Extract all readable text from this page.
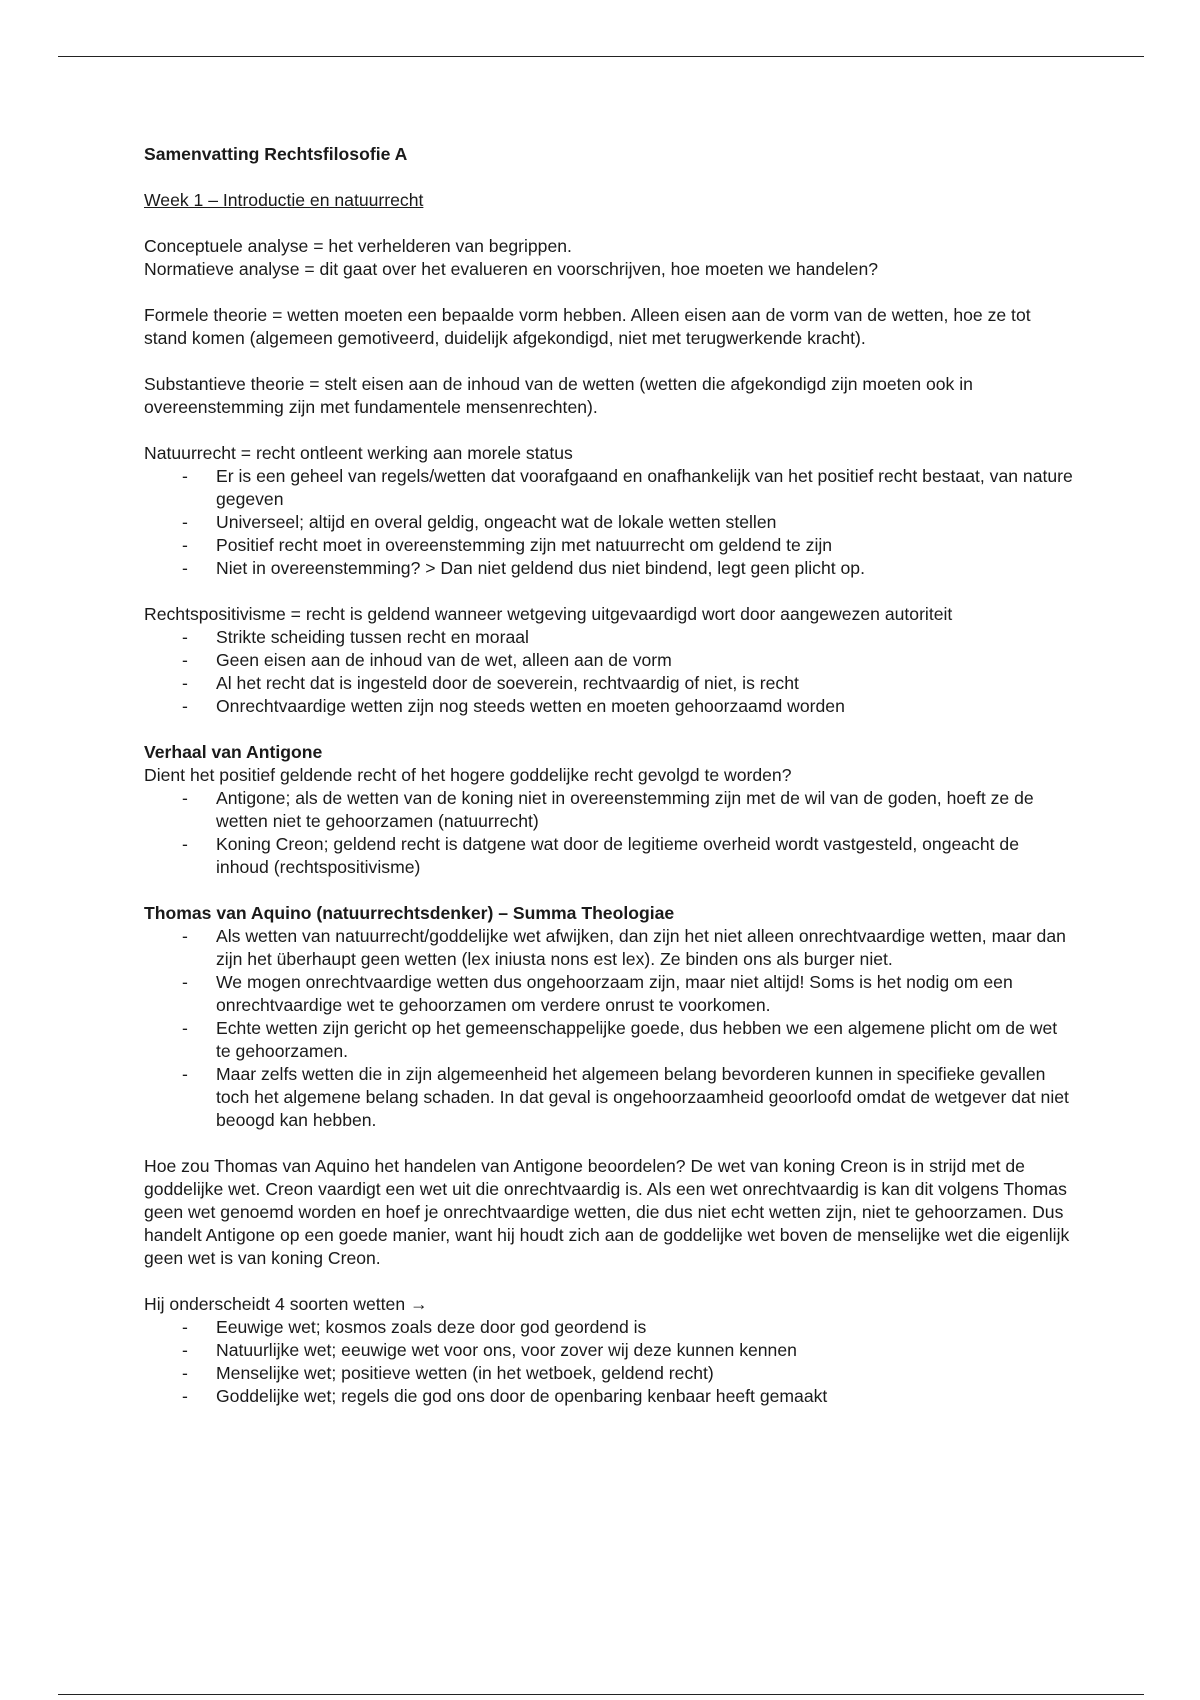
Samenvatting Rechtsfilosofie A

Week 1 – Introductie en natuurrecht

Conceptuele analyse = het verhelderen van begrippen.

Normatieve analyse = dit gaat over het evalueren en voorschrijven, hoe moeten we handelen?

Formele theorie = wetten moeten een bepaalde vorm hebben. Alleen eisen aan de vorm van de wetten, hoe ze tot stand komen (algemeen gemotiveerd, duidelijk afgekondigd, niet met terugwerkende kracht).

Substantieve theorie = stelt eisen aan de inhoud van de wetten (wetten die afgekondigd zijn moeten ook in overeenstemming zijn met fundamentele mensenrechten).

Natuurrecht = recht ontleent werking aan morele status

- Er is een geheel van regels/wetten dat voorafgaand en onafhankelijk van het positief recht bestaat, van nature gegeven
- Universeel; altijd en overal geldig, ongeacht wat de lokale wetten stellen
- Positief recht moet in overeenstemming zijn met natuurrecht om geldend te zijn
- Niet in overeenstemming? > Dan niet geldend dus niet bindend, legt geen plicht op.

Rechtspositivisme = recht is geldend wanneer wetgeving uitgevaardigd wort door aangewezen autoriteit

- Strikte scheiding tussen recht en moraal
- Geen eisen aan de inhoud van de wet, alleen aan de vorm
- Al het recht dat is ingesteld door de soeverein, rechtvaardig of niet, is recht
- Onrechtvaardige wetten zijn nog steeds wetten en moeten gehoorzaamd worden

Verhaal van Antigone

Dient het positief geldende recht of het hogere goddelijke recht gevolgd te worden?

- Antigone; als de wetten van de koning niet in overeenstemming zijn met de wil van de goden, hoeft ze de wetten niet te gehoorzamen (natuurrecht)
- Koning Creon; geldend recht is datgene wat door de legitieme overheid wordt vastgesteld, ongeacht de inhoud (rechtspositivisme)

Thomas van Aquino (natuurrechtsdenker) – Summa Theologiae

- Als wetten van natuurrecht/goddelijke wet afwijken, dan zijn het niet alleen onrechtvaardige wetten, maar dan zijn het überhaupt geen wetten (lex iniusta nons est lex). Ze binden ons als burger niet.
- We mogen onrechtvaardige wetten dus ongehoorzaam zijn, maar niet altijd! Soms is het nodig om een onrechtvaardige wet te gehoorzamen om verdere onrust te voorkomen.
- Echte wetten zijn gericht op het gemeenschappelijke goede, dus hebben we een algemene plicht om de wet te gehoorzamen.
- Maar zelfs wetten die in zijn algemeenheid het algemeen belang bevorderen kunnen in specifieke gevallen toch het algemene belang schaden. In dat geval is ongehoorzaamheid geoorloofd omdat de wetgever dat niet beoogd kan hebben.

Hoe zou Thomas van Aquino het handelen van Antigone beoordelen? De wet van koning Creon is in strijd met de goddelijke wet. Creon vaardigt een wet uit die onrechtvaardig is. Als een wet onrechtvaardig is kan dit volgens Thomas geen wet genoemd worden en hoef je onrechtvaardige wetten, die dus niet echt wetten zijn, niet te gehoorzamen. Dus handelt Antigone op een goede manier, want hij houdt zich aan de goddelijke wet boven de menselijke wet die eigenlijk geen wet is van koning Creon.

Hij onderscheidt 4 soorten wetten →

- Eeuwige wet; kosmos zoals deze door god geordend is
- Natuurlijke wet; eeuwige wet voor ons, voor zover wij deze kunnen kennen
- Menselijke wet; positieve wetten (in het wetboek, geldend recht)
- Goddelijke wet; regels die god ons door de openbaring kenbaar heeft gemaakt
